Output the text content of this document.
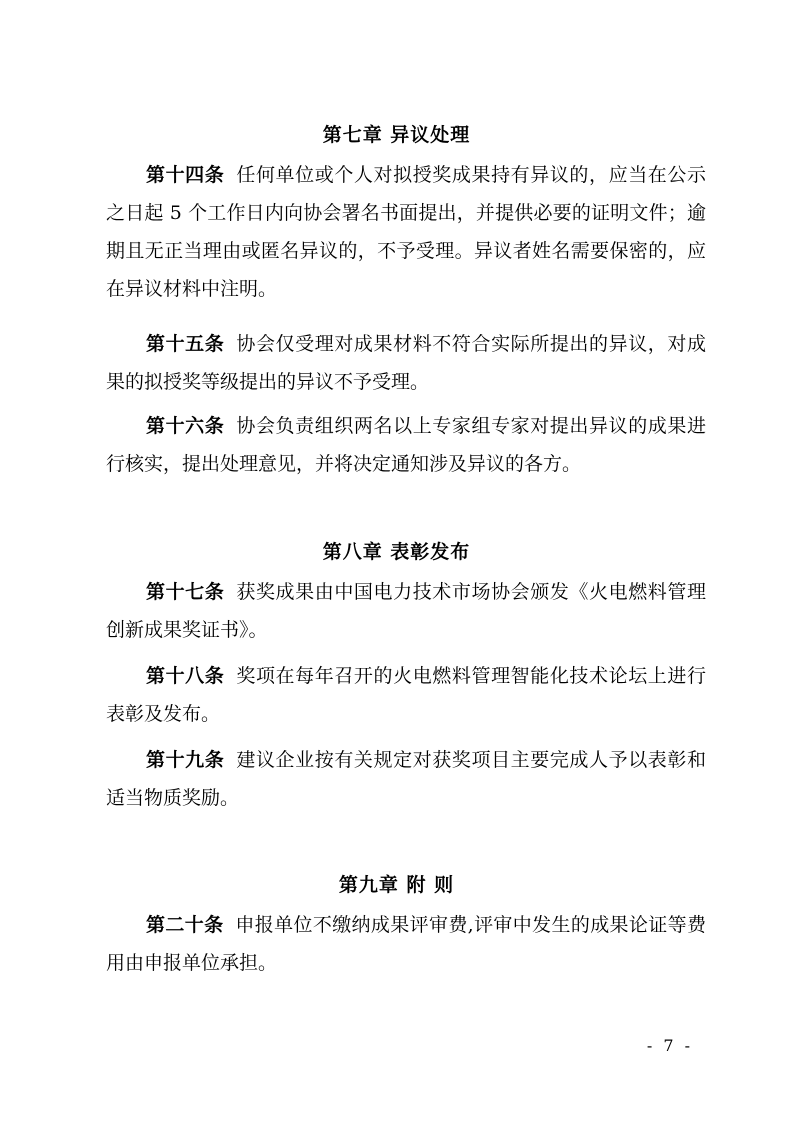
第七章 异议处理
第十四条 任何单位或个人对拟授奖成果持有异议的，应当在公示之日起 5 个工作日内向协会署名书面提出，并提供必要的证明文件；逾期且无正当理由或匿名异议的，不予受理。异议者姓名需要保密的，应在异议材料中注明。
第十五条 协会仅受理对成果材料不符合实际所提出的异议，对成果的拟授奖等级提出的异议不予受理。
第十六条 协会负责组织两名以上专家组专家对提出异议的成果进行核实，提出处理意见，并将决定通知涉及异议的各方。
第八章 表彰发布
第十七条 获奖成果由中国电力技术市场协会颁发《火电燃料管理创新成果奖证书》。
第十八条 奖项在每年召开的火电燃料管理智能化技术论坛上进行表彰及发布。
第十九条 建议企业按有关规定对获奖项目主要完成人予以表彰和适当物质奖励。
第九章 附 则
第二十条 申报单位不缴纳成果评审费,评审中发生的成果论证等费用由申报单位承担。
- 7 -
